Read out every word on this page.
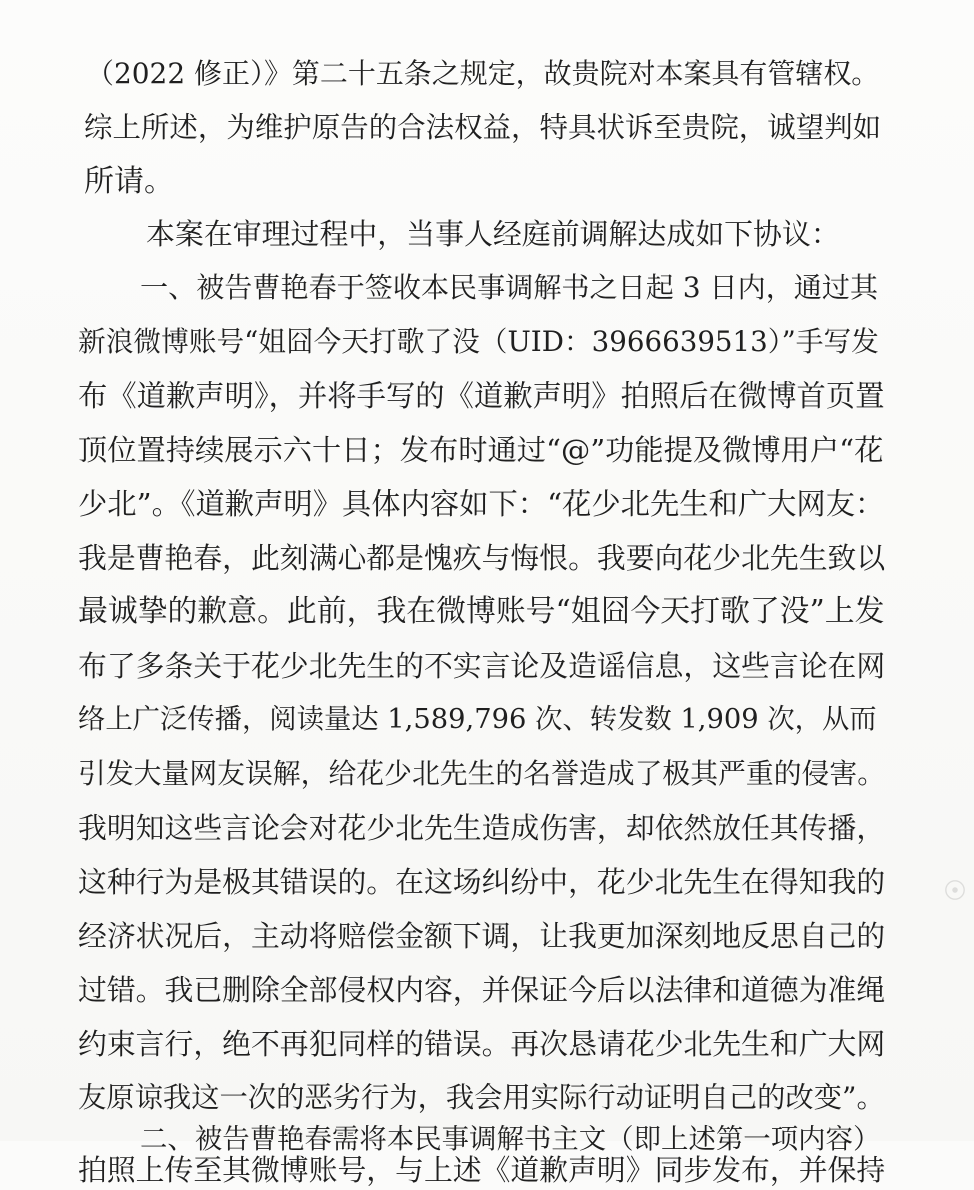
（2022 修正）》第二十五条之规定，故贵院对本案具有管辖权。
综上所述，为维护原告的合法权益，特具状诉至贵院，诚望判如
所请。
本案在审理过程中，当事人经庭前调解达成如下协议：
一、被告曹艳春于签收本民事调解书之日起 3 日内，通过其
新浪微博账号“姐囧今天打歌了没（UID：3966639513）”手写发
布《道歉声明》，并将手写的《道歉声明》拍照后在微博首页置
顶位置持续展示六十日；发布时通过“@”功能提及微博用户“花
少北”。《道歉声明》具体内容如下：“花少北先生和广大网友：
我是曹艳春，此刻满心都是愧疚与悔恨。我要向花少北先生致以
最诚挚的歉意。此前，我在微博账号“姐囧今天打歌了没”上发
布了多条关于花少北先生的不实言论及造谣信息，这些言论在网
络上广泛传播，阅读量达 1,589,796 次、转发数 1,909 次，从而
引发大量网友误解，给花少北先生的名誉造成了极其严重的侵害。
我明知这些言论会对花少北先生造成伤害，却依然放任其传播，
这种行为是极其错误的。在这场纠纷中，花少北先生在得知我的
经济状况后，主动将赔偿金额下调，让我更加深刻地反思自己的
过错。我已删除全部侵权内容，并保证今后以法律和道德为准绳
约束言行，绝不再犯同样的错误。再次恳请花少北先生和广大网
友原谅我这一次的恶劣行为，我会用实际行动证明自己的改变”。
二、被告曹艳春需将本民事调解书主文（即上述第一项内容）
拍照上传至其微博账号，与上述《道歉声明》同步发布，并保持
